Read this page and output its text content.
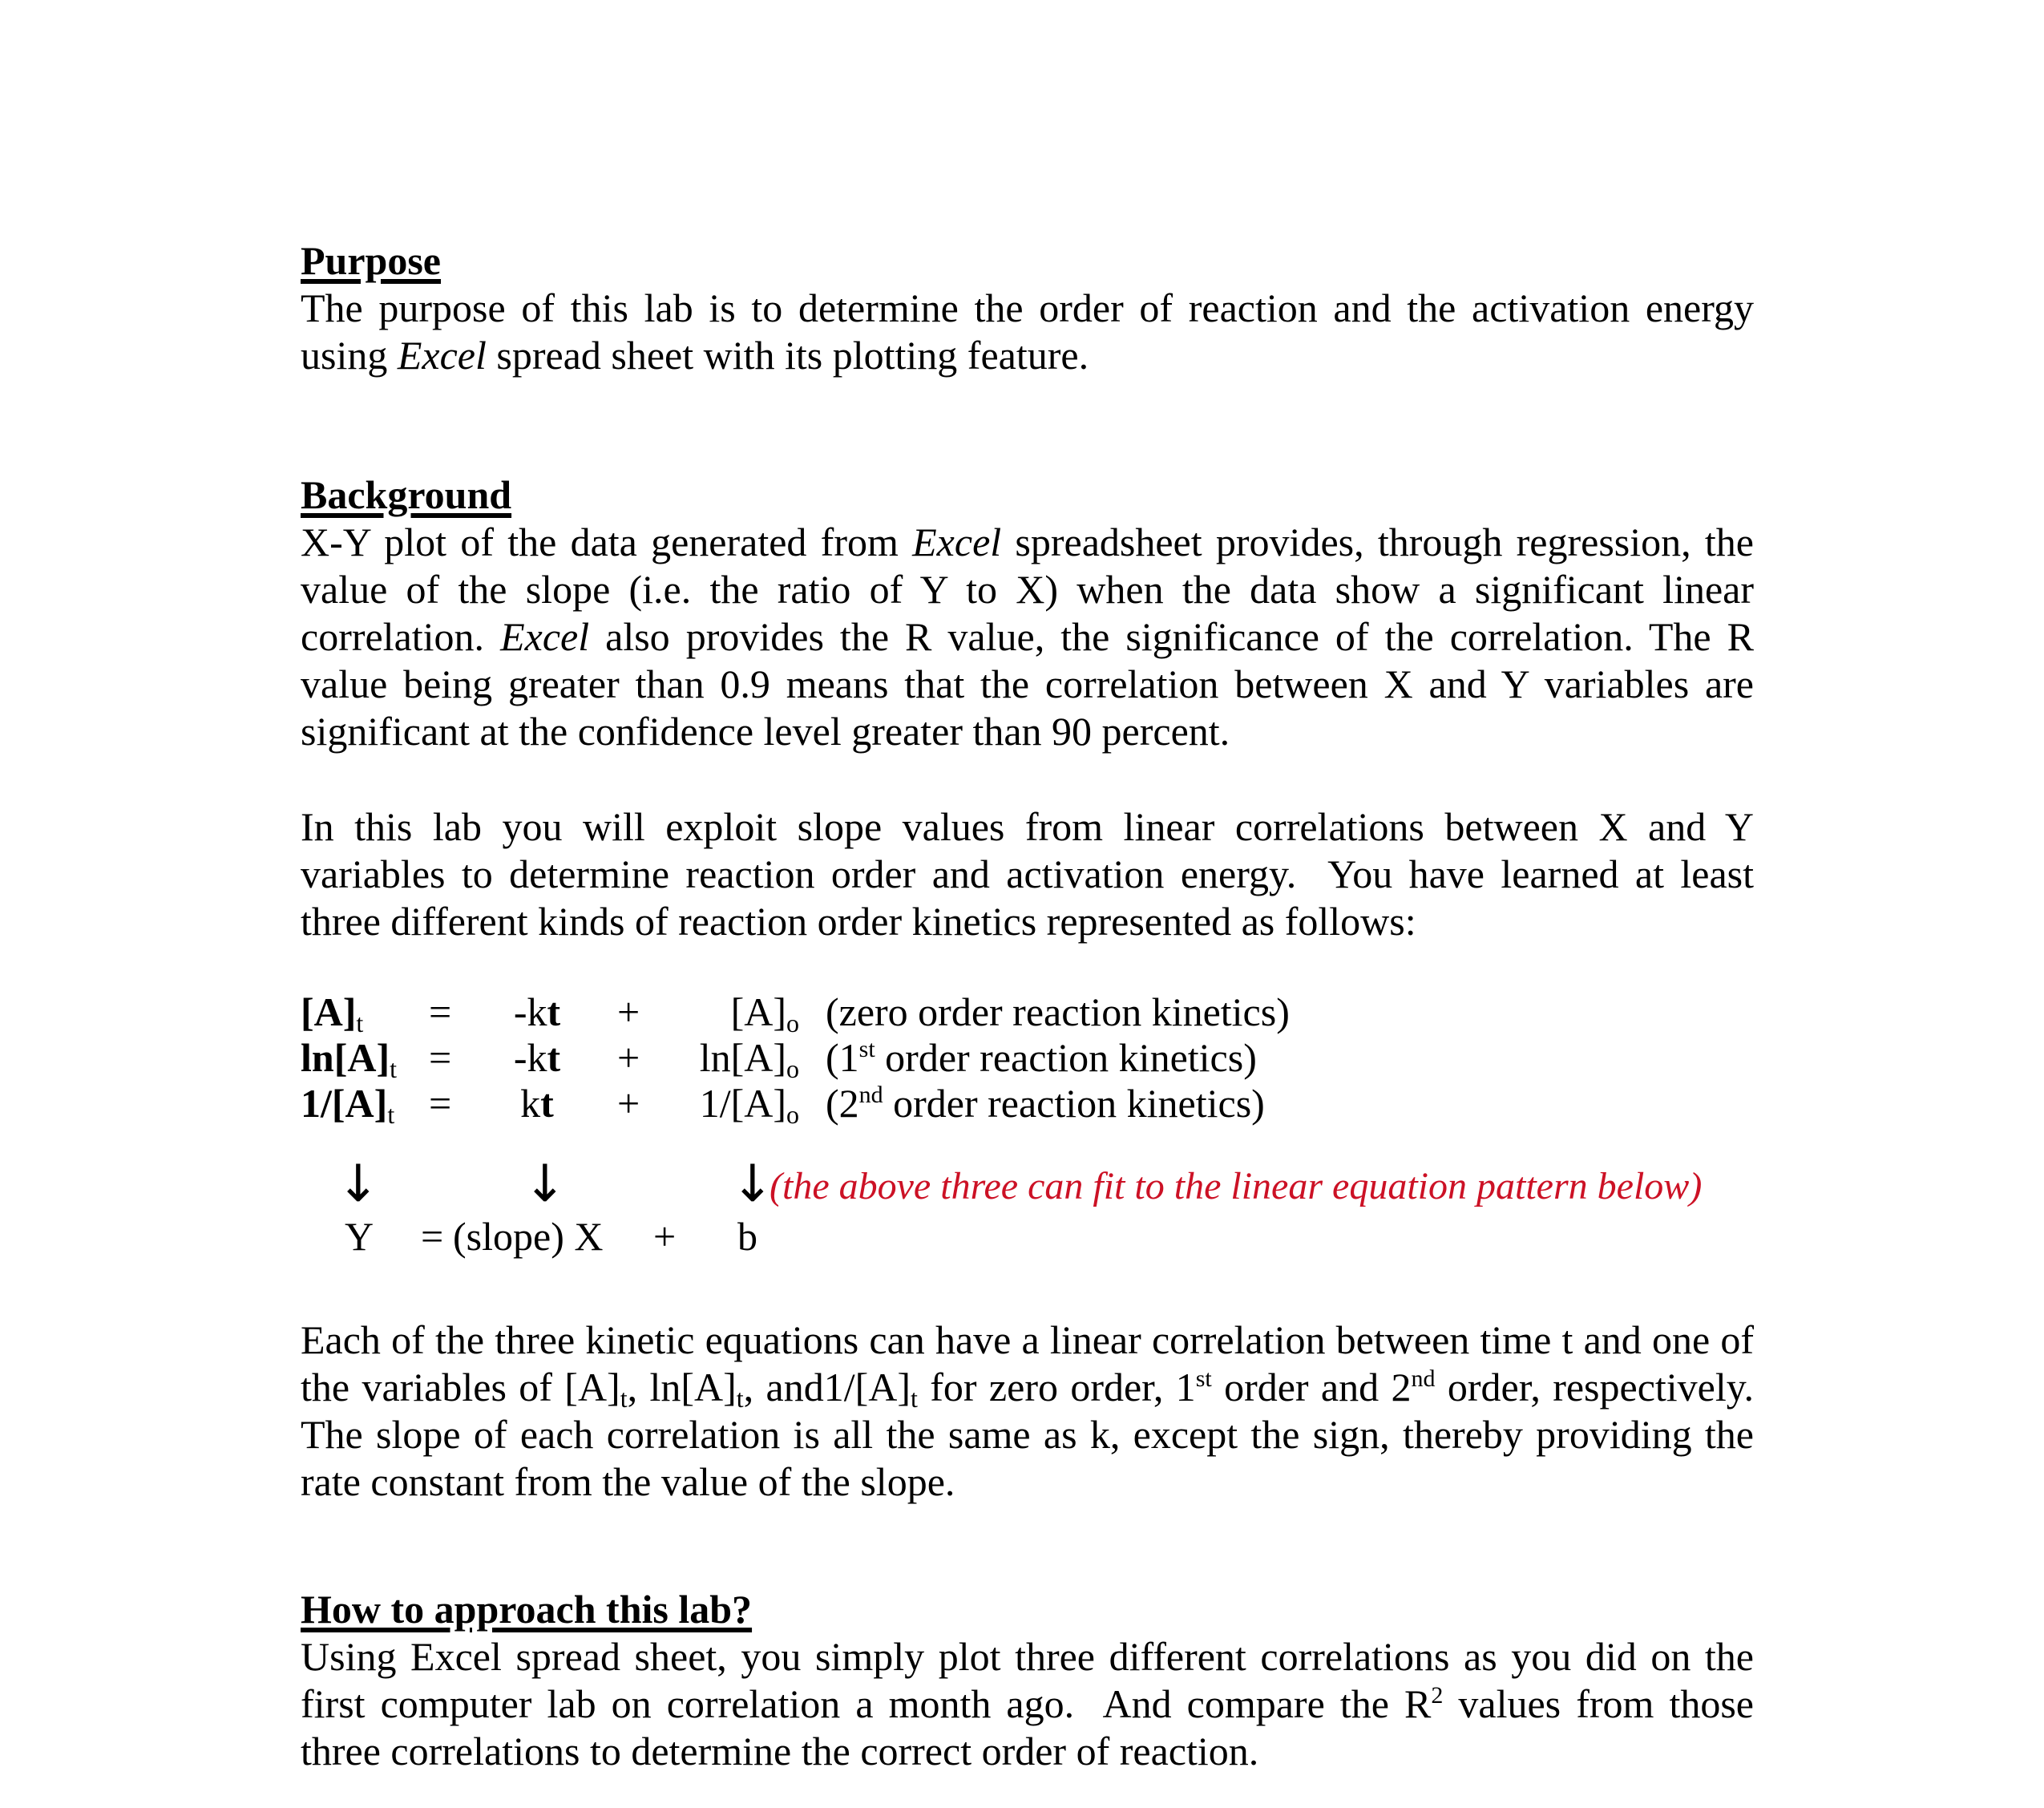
Purpose

The purpose of this lab is to determine the order of reaction and the activation energy using Excel spread sheet with its plotting feature.

Background

X-Y plot of the data generated from Excel spreadsheet provides, through regression, the value of the slope (i.e. the ratio of Y to X) when the data show a significant linear correlation. Excel also provides the R value, the significance of the correlation. The R value being greater than 0.9 means that the correlation between X and Y variables are significant at the confidence level greater than 90 percent.

In this lab you will exploit slope values from linear correlations between X and Y variables to determine reaction order and activation energy.  You have learned at least three different kinds of reaction order kinetics represented as follows:

$[A]_t$ =	-kt	+	$[A]_o$ (zero order reaction kinetics)
$\ln[A]_t$ =	-kt	+	$\ln[A]_o$ (1st order reaction kinetics)
$1/[A]_t$ =	kt	+	$1/[A]_o$ (2nd order reaction kinetics)
↓	↓	↓
(the above three can fit to the linear equation pattern below)
Y = (slope) X + b

Each of the three kinetic equations can have a linear correlation between time t and one of the variables of $[A]_t$, $\ln[A]_t$, $and1/[A]_t$ for zero order, 1st order and 2nd order, respectively. The slope of each correlation is all the same as k, except the sign, thereby providing the rate constant from the value of the slope.

How to approach this lab?

Using Excel spread sheet, you simply plot three different correlations as you did on the first computer lab on correlation a month ago.  And compare the $R^2$ values from those three correlations to determine the correct order of reaction.
